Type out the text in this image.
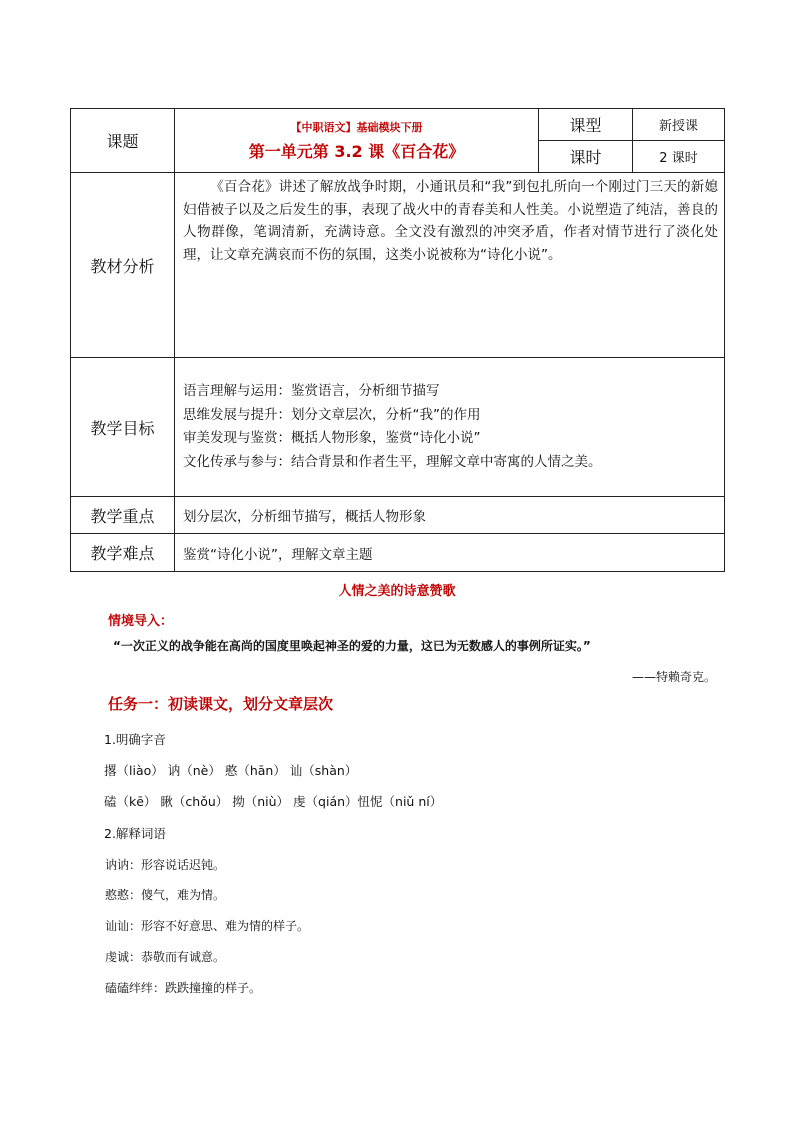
课题	【中职语文】基础模块下册
第一单元第 3.2 课《百合花》	课型	新授课
		课时	2 课时
教材分析	《百合花》讲述了解放战争时期，小通讯员和“我”到包扎所向一个刚过门三天的新媳妇借被子以及之后发生的事，表现了战火中的青春美和人性美。小说塑造了纯洁，善良的人物群像，笔调清新，充满诗意。全文没有激烈的冲突矛盾，作者对情节进行了淡化处理，让文章充满哀而不伤的氛围，这类小说被称为“诗化小说”。		
教学目标	语言理解与运用：鉴赏语言，分析细节描写
思维发展与提升：划分文章层次，分析“我”的作用
审美发现与鉴赏：概括人物形象，鉴赏“诗化小说”
文化传承与参与：结合背景和作者生平，理解文章中寄寓的人情之美。		

教学重点	划分层次，分析细节描写，概括人物形象		
教学难点	鉴赏“诗化小说”，理解文章主题		
人情之美的诗意赞歌
情境导入：
“一次正义的战争能在高尚的国度里唤起神圣的爱的力量，这已为无数感人的事例所证实。”
——特赖奇克。
任务一：初读课文，划分文章层次
1.明确字音
撂（liào） 讷（nè） 憨（hān） 讪（shàn）
磕（kē） 瞅（chǒu） 拗（niù） 虔（qián）忸怩（niǔ ní）
2.解释词语
讷讷：形容说话迟钝。
憨憨：傻气，难为情。
讪讪：形容不好意思、难为情的样子。
虔诚：恭敬而有诚意。
磕磕绊绊：跌跌撞撞的样子。
